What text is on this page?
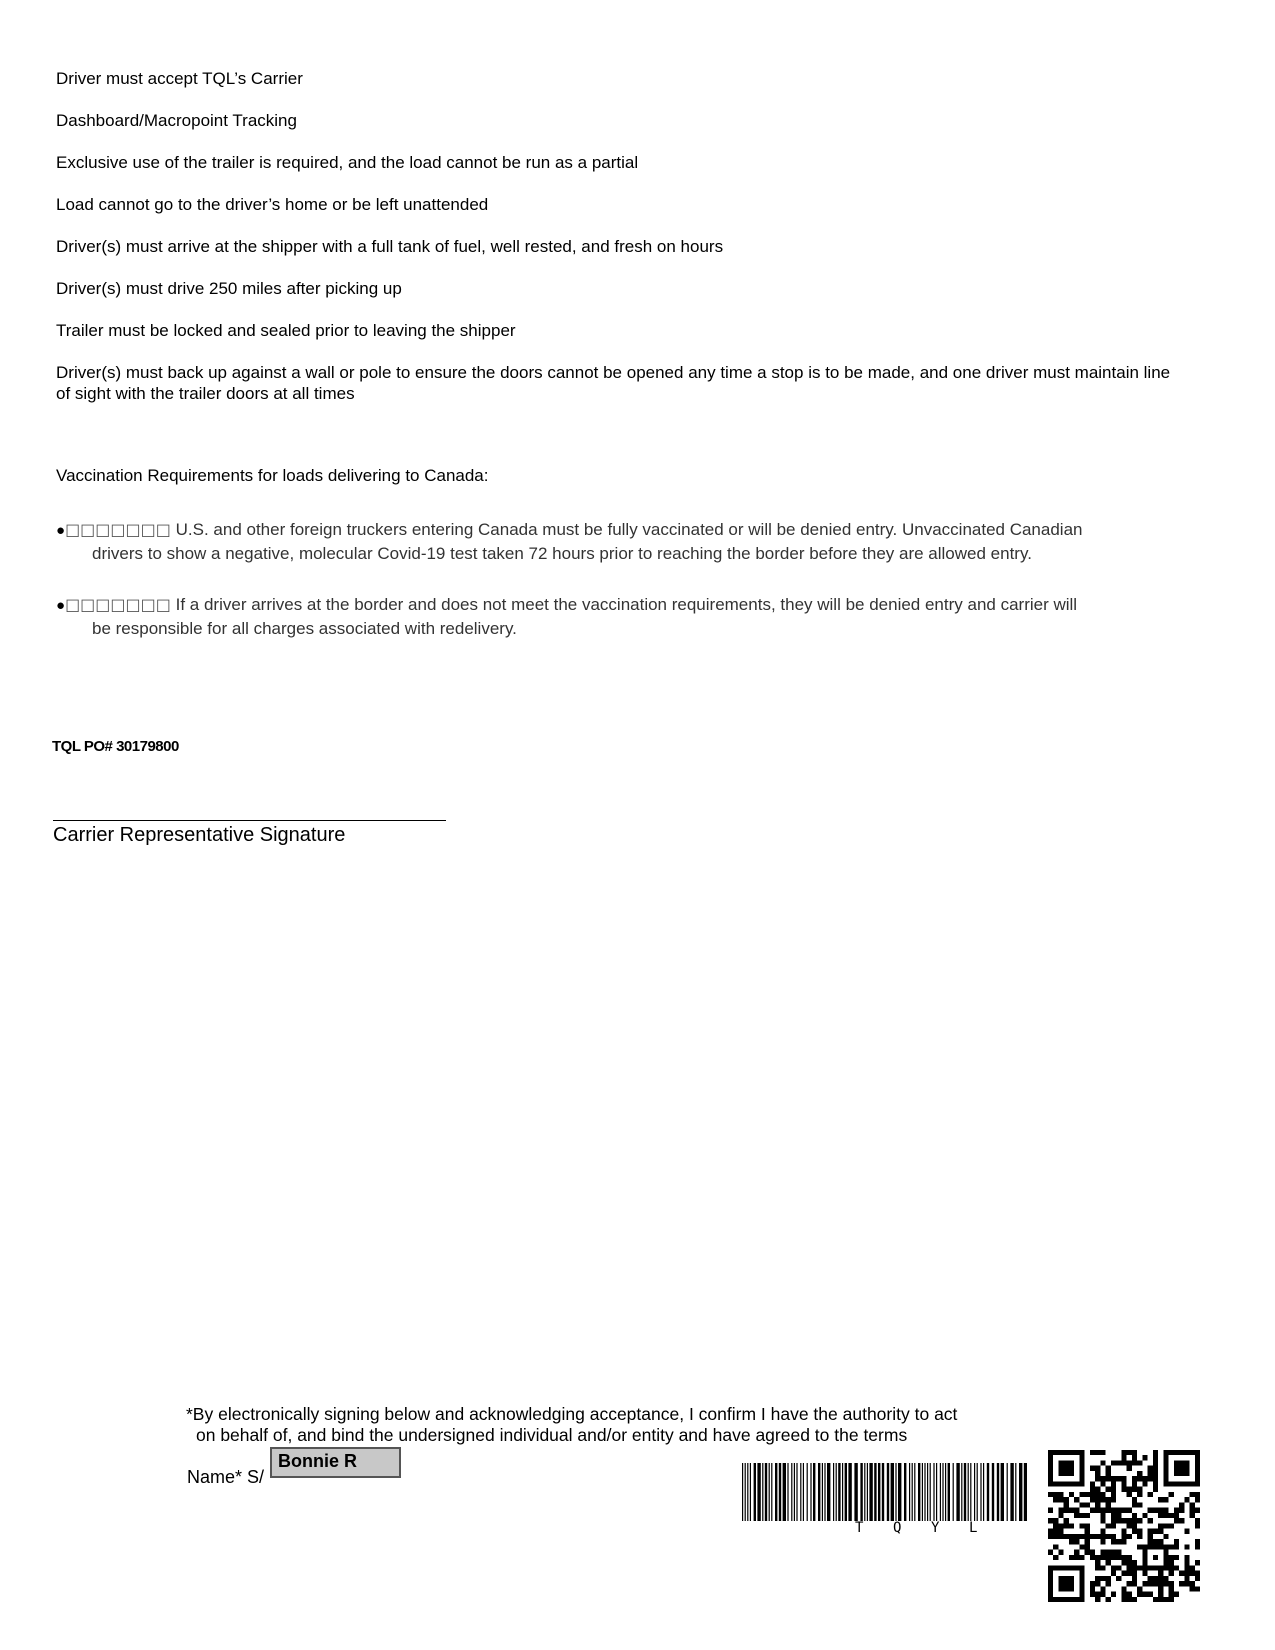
Driver must accept TQL’s Carrier
Dashboard/Macropoint Tracking
Exclusive use of the trailer is required, and the load cannot be run as a partial
Load cannot go to the driver’s home or be left unattended
Driver(s) must arrive at the shipper with a full tank of fuel, well rested, and fresh on hours
Driver(s) must drive 250 miles after picking up
Trailer must be locked and sealed prior to leaving the shipper
Driver(s) must back up against a wall or pole to ensure the doors cannot be opened any time a stop is to be made, and one driver must maintain line of sight with the trailer doors at all times
Vaccination Requirements for loads delivering to Canada:
●□□□□□□□ U.S. and other foreign truckers entering Canada must be fully vaccinated or will be denied entry. Unvaccinated Canadian
drivers to show a negative, molecular Covid-19 test taken 72 hours prior to reaching the border before they are allowed entry.
●□□□□□□□ If a driver arrives at the border and does not meet the vaccination requirements, they will be denied entry and carrier will
be responsible for all charges associated with redelivery.
TQL PO# 30179800
Carrier Representative Signature
*By electronically signing below and acknowledging acceptance, I confirm I have the authority to act
on behalf of, and bind the undersigned individual and/or entity and have agreed to the terms
Name* S/
Bonnie R
T Q Y L
